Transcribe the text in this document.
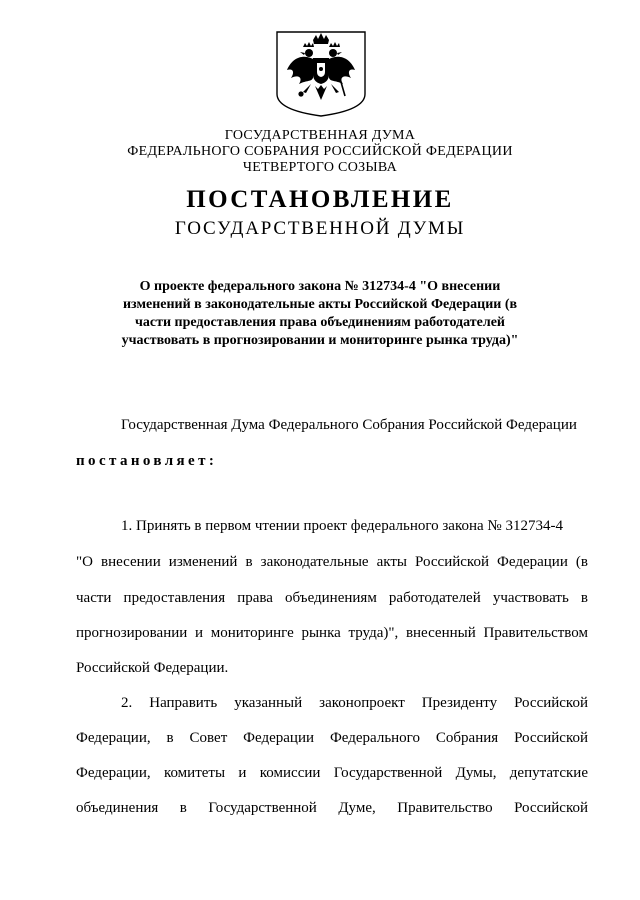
ГОСУДАРСТВЕННАЯ ДУМА
ФЕДЕРАЛЬНОГО СОБРАНИЯ РОССИЙСКОЙ ФЕДЕРАЦИИ
ЧЕТВЕРТОГО СОЗЫВА
ПОСТАНОВЛЕНИЕ
ГОСУДАРСТВЕННОЙ ДУМЫ
О проекте федерального закона № 312734-4 "О внесении
изменений в законодательные акты Российской Федерации (в
части предоставления права объединениям работодателей
участвовать в прогнозировании и мониторинге рынка труда)"
Государственная Дума Федерального Собрания Российской Федерации
постановляет:
1. Принять в первом чтении проект федерального закона № 312734-4
"О внесении изменений в законодательные акты Российской Федерации (в
части предоставления права объединениям работодателей участвовать в
прогнозировании и мониторинге рынка труда)", внесенный Правительством
Российской Федерации.
2. Направить указанный законопроект Президенту Российской
Федерации, в Совет Федерации Федерального Собрания Российской
Федерации, комитеты и комиссии Государственной Думы, депутатские
объединения в Государственной Думе, Правительство Российской
